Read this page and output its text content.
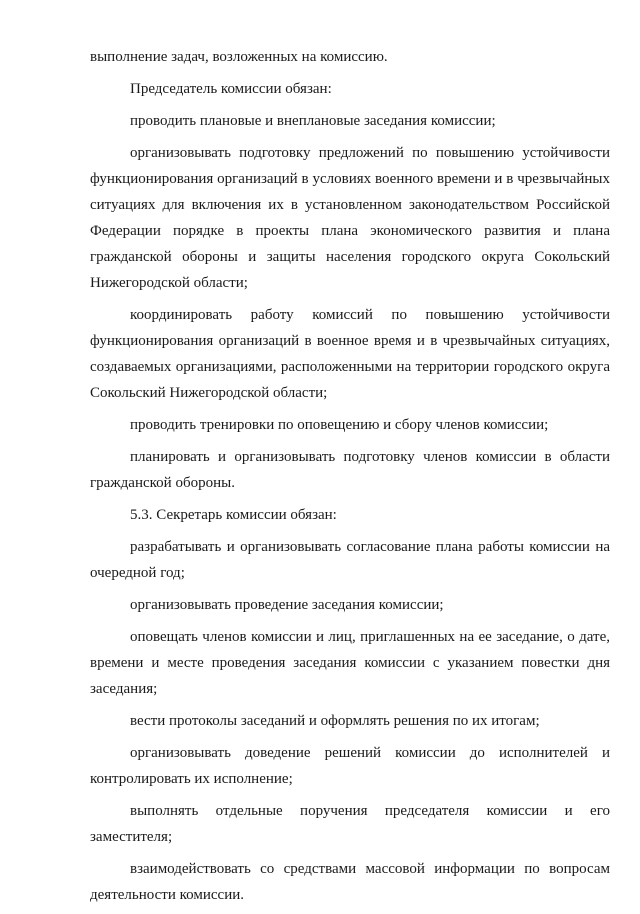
выполнение задач, возложенных на комиссию.

Председатель комиссии обязан:

проводить плановые и внеплановые заседания комиссии;

организовывать подготовку предложений по повышению устойчивости функционирования организаций в условиях военного времени и в чрезвычайных ситуациях для включения их в установленном законодательством Российской Федерации порядке в проекты плана экономического развития и плана гражданской обороны и защиты населения городского округа Сокольский Нижегородской области;

координировать работу комиссий по повышению устойчивости функционирования организаций в военное время и в чрезвычайных ситуациях, создаваемых организациями, расположенными на территории городского округа Сокольский Нижегородской области;

проводить тренировки по оповещению и сбору членов комиссии;

планировать и организовывать подготовку членов комиссии в области гражданской обороны.

5.3. Секретарь комиссии обязан:

разрабатывать и организовывать согласование плана работы комиссии на очередной год;

организовывать проведение заседания комиссии;

оповещать членов комиссии и лиц, приглашенных на ее заседание, о дате, времени и месте проведения заседания комиссии с указанием повестки дня заседания;

вести протоколы заседаний и оформлять решения по их итогам;

организовывать доведение решений комиссии до исполнителей и контролировать их исполнение;

выполнять отдельные поручения председателя комиссии и его заместителя;

взаимодействовать со средствами массовой информации по вопросам деятельности комиссии.
